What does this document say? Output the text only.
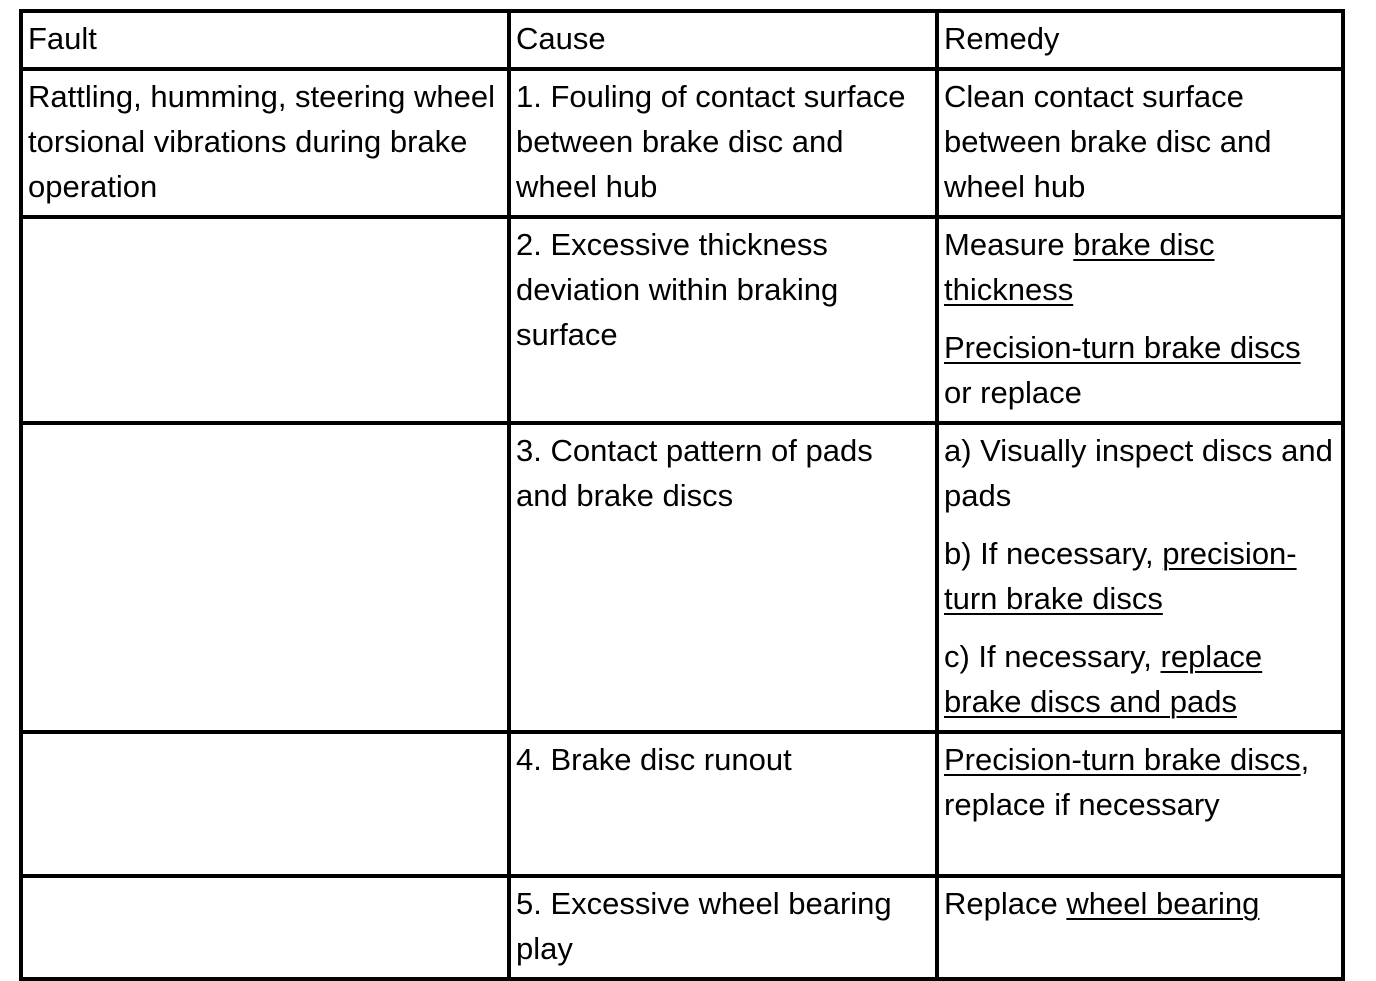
Fault	Cause	Remedy
Rattling, humming, steering wheel torsional vibrations during brake operation	1. Fouling of contact surface between brake disc and wheel hub	Clean contact surface between brake disc and wheel hub

	2. Excessive thickness deviation within braking surface	Measure brake disc thickness
Precision-turn brake discs or replace

	3. Contact pattern of pads and brake discs	a) Visually inspect discs and pads
b) If necessary, precision-turn brake discs
c) If necessary, replace brake discs and pads

	4. Brake disc runout	Precision-turn brake discs, replace if necessary

	5. Excessive wheel bearing play	Replace wheel bearing
